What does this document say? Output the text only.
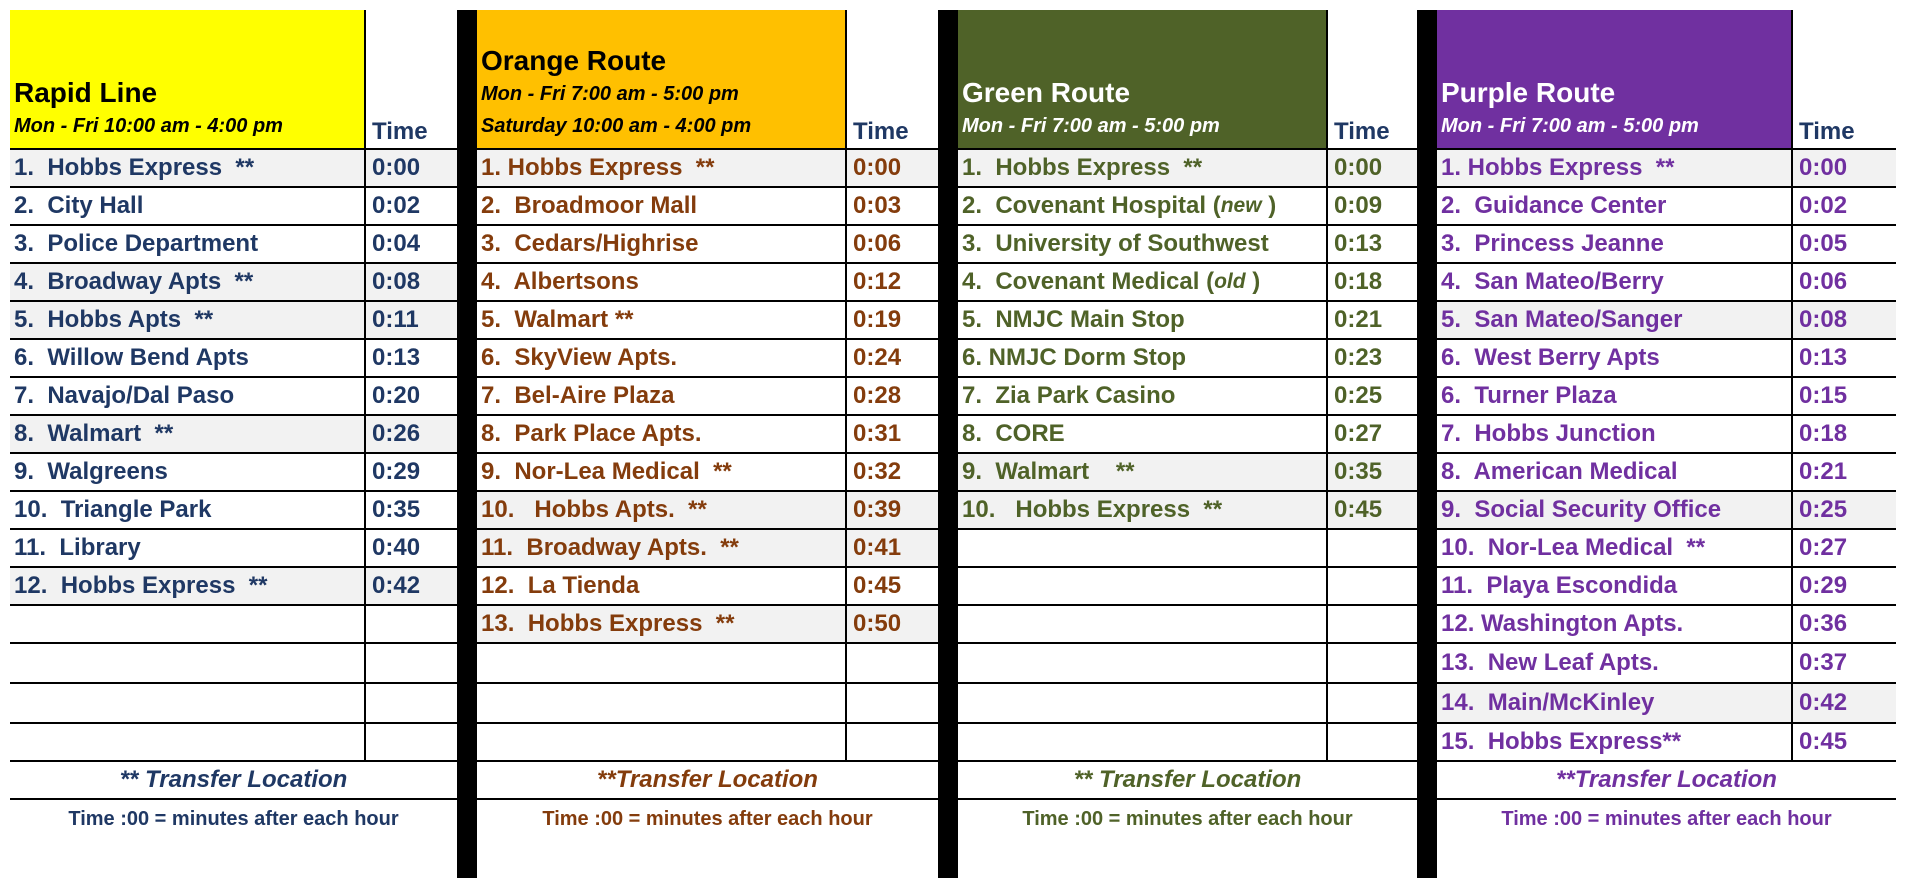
Rapid Line
Mon - Fri 10:00 am - 4:00 pm	Time
1.  Hobbs Express  **	0:00
2.  City Hall	0:02
3.  Police Department	0:04
4.  Broadway Apts  **	0:08
5.  Hobbs Apts  **	0:11
6.  Willow Bend Apts	0:13
7.  Navajo/Dal Paso	0:20
8.  Walmart  **	0:26
9.  Walgreens	0:29
10.  Triangle Park	0:35
11.  Library	0:40
12.  Hobbs Express  **	0:42
** Transfer Location
Time :00 = minutes after each hour
Orange Route
Mon - Fri 7:00 am - 5:00 pm
Saturday 10:00 am - 4:00 pm	Time
1. Hobbs Express  **	0:00
2.  Broadmoor Mall	0:03
3.  Cedars/Highrise	0:06
4.  Albertsons	0:12
5.  Walmart **	0:19
6.  SkyView Apts.	0:24
7.  Bel-Aire Plaza	0:28
8.  Park Place Apts.	0:31
9.  Nor-Lea Medical  **	0:32
10.   Hobbs Apts.  **	0:39
11.  Broadway Apts.  **	0:41
12.  La Tienda	0:45
13.  Hobbs Express  **	0:50
**Transfer Location
Time :00 = minutes after each hour
Green Route
Mon - Fri 7:00 am - 5:00 pm	Time
1.  Hobbs Express  **	0:00
2.  Covenant Hospital ( new ) 0:09
3.  University of Southwest	0:13
4.  Covenant Medical ( old )	0:18
5.  NMJC Main Stop	0:21
6. NMJC Dorm Stop	0:23
7.  Zia Park Casino	0:25
8.  CORE	0:27
9.  Walmart    **	0:35
10.   Hobbs Express  **	0:45
** Transfer Location
Time :00 = minutes after each hour
Purple Route
Mon - Fri 7:00 am - 5:00 pm	Time
1. Hobbs Express  **	0:00
2.  Guidance Center	0:02
3.  Princess Jeanne	0:05
4.  San Mateo/Berry	0:06
5.  San Mateo/Sanger	0:08
6.  West Berry Apts	0:13
6.  Turner Plaza	0:15
7.  Hobbs Junction	0:18
8.  American Medical	0:21
9.  Social Security Office	0:25
10.  Nor-Lea Medical  **	0:27
11.  Playa Escondida	0:29
12. Washington Apts.	0:36
13.  New Leaf Apts.	0:37
14.  Main/McKinley	0:42
15.  Hobbs Express**	0:45
**Transfer Location
Time :00 = minutes after each hour
